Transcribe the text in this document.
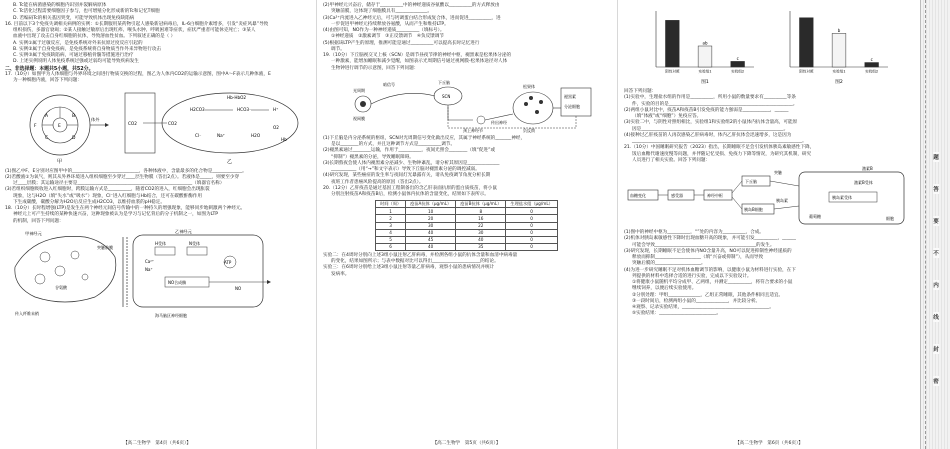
B. Tc能在病菌感染的细胞内识别并裂解病原体

C. Tc活化过程需要细胞因子参与，也可增殖分化形成新的Tc和记忆T细胞

D. 若编码Tc的相关基因突变，可能导致机体出现免疫缺陷病

16. 目前以下3个免疫失调相关病例的实例：①长期服用某药物引起人感染新冠病毒后，IL-6白细胞介素增多，引发“炎症风暴”导致

组织损伤，多器官衰竭；②某人接触过敏原后出现红疹、喉头水肿、呼吸困难等症状，症状严重者可能休克死亡；③某人

血液中出现了攻击自身红细胞的抗体，导致溶血性贫血。下列叙述正确的是（ ）

A. 实例①属于过敏反应，是免疫系统对外来抗原过度反应引起的

B. 实例②属于自身免疫病，是免疫系统将自身物质当作外来异物进行攻击

C. 实例③属于免疫缺陷病，可通过移植骨髓等措施进行治疗

D. 上述实例说明人体免疫系统过强或过弱均可能导致疾病发生

二、非选择题：本题共5小题，共52分。

17.（10分）如图甲为人体细胞与外界环境之间进行物质交换的过程，图乙为人体内CO2的运输示意图，图中A～F表示几种体液，E

为一种细胞内液，回答下列问题：

E
A	B
C	D
F
体外
甲
CO2	CO2
H2CO3	HCO3⁻	H⁺
Hb-HbO2
Cl⁻	Na⁺	H2O
O2
Hb
乙

(1)图乙中F、E分别对应图甲中的_____________________________，各种体液中，含量最多的化合物是_____________。

(2)若酸液①为氧气，则其从外界环境进入组织细胞至少穿过____层生物膜（答出2点）。若液体是_____，则要至少穿

过____层膜；其运输途径主要是__________________________________________________（填器官名称）

(3)若组织细胞吸收进入红细胞时，跨膜运输方式是__________，随着CO2的进入，红细胞会出现胀裂

现象，这与H2O（填“失水”或“吸水”）现象，Cl⁻进入红细胞与Hb结合，还可在碳酸酐酶作用

下生成碳酸，碳酸分解为H2O后反应生成H2CO3，以维持血浆的pH稳定。

18.（10分）长时程增强(LTP)是发生在两个神经元间信号传输中的一种持久的增强现象，能够同步地刺激两个神经元。

神经元上可产生持续的某种快速兴奋，这种现象被认为是学习与记忆背后的分子机制之一，如图为LTP

的机制，回答下列问题：

甲神经元	乙神经元
突触前膜
Ca²⁺
Na⁺
ATP
NO
NO合成酶
H受体	N受体
谷氨酸
传入纤维末梢	海马脑区神经细胞
【高二生物学　第4页（共6页）】

(2)甲神经元兴奋后，储存于__________中的神经递质谷氨酸以__________的方式释放由

突触前膜，这体现了细胞膜具有______________。

(3)Ca²⁺内流进入乙神经元后，可与钙调蛋白结合形成复合体，进而促进__________，进

一步促进甲神经元持续释放谷氨酸，从而产生和维持LTP。

(4)由图可知，NO作为一种神经递质__________（填标号）。

①神经递质　②激素调节　③正反馈调节　④负反馈调节

(5)根据该LTP产生的原理，推测可能是通过__________可以提高长时记忆进行

调节。

19.（10分）下丘脑视交叉上核（SCN）是调节昼夜节律的神经中枢，褪黑素是松果体分泌的

一种激素，能增加睡眠和减少觉醒，如图表示光周期信号通过视网膜-松果体途径对人体

生物钟进行调节的示意图，回答下列问题：

光周期
视网膜
下丘脑
传出神经
松果体
褪黑素
SCN
颈上神经节
暗信号
分泌细胞
负反馈

(1)下丘脑是内分泌系统的枢纽，SCN对光周期信号变化做出反应，其属于神经系统的_______神经，

是以________的方式，并且这种调节方式是__________调节。

(2)褪黑素通过________运输，作用于__________，夜间光照会________（填“促进”或

“抑制”）褪黑素的分泌，导致睡眠障碍。

(3)长期熬夜会使人体内褪黑素分泌减少、生物钟紊乱，请分析其原因是______________

___________（用“→”和文字表示）导致下丘脑对褪黑素分泌的调控减弱。

(4)研究发现，某些癌症的发生率与夜间灯光暴露有关，请从免疫调节角度分析长期

夜班工作者患癌风险提高的原因（答出2点）。

20.（12分）乙肝疫苗是通过基因工程制备出的含乙肝表面抗原的蛋白质疫苗，将小鼠

分别注射疫苗A和疫苗B后，检测小鼠体内抗体的含量变化，结果如下表所示。

时间（周）	疫苗A抗体（μg/mL）	疫苗B抗体（μg/mL）	生理盐水组（μg/mL）
1	10	8	0
2	20	16	0
3	30	22	0
4	40	30	0
5	45	40	0
6	40	35	0

实验二：在4周时分别向上述3组小鼠注射乙肝病毒，并检测各组小鼠的抗体含量和血清中病毒量

的变化，结果如图所示；与表中数据对比可以得出_____________________的结论。

实验三：在6周时分别给上述3组小鼠注射等量乙肝病毒，观察小鼠的患病情况并统计

发病率。

【高二生物学　第5页（共6页）】
阴性对照
ab
实验组1
c
实验组2
图1
阴性对照
b
实验组1
c
实验组2
图2

回答下列问题：

(1)实验中，生理盐水组的作用是__________，所用小鼠的数量要求有__________等条

件，实验的目的是______________________________________________________。

(2)两组小鼠对比中，疫苗A和疫苗B引发免疫的能力强弱是____________，______

（填“体液”或“细胞”）免疫应答。

(3)实验二中，与阴性对照组相比，实验组1和实验组2的小鼠体内抗体含量高，可能原

因是______________________________________________________________。

(4)接种过乙肝疫苗的人再次感染乙肝病毒时，体内乙肝抗体会迅速增多，这是因为

__________________________________________________________________________。

21.（10分）中国睡眠研究报告（2023）指出，长期睡眠不足会引发机体胰岛素敏感性下降，

饭后血糖代谢速度慢等问题，并伴随记忆受损、免疫力下降等情况，为研究其机制，研究

人员进行了相关实验。回答下列问题：

血糖变化	感受器	神经中枢
下丘脑
胰岛B细胞
胰岛素
胰岛素受体
激素B
细胞
突触
葡萄糖
激素B受体

(1)图中的神经中枢为__________，“”处的内容为__________，合成。

(2)机体对胰岛素敏感性下降时出现血糖升高的现象，并可能引发__________，______

可能会导致____________________________________________的发生。

(3)研究发现，长期睡眠不足会使体内NO含量升高，NO可以促进抑制性神经递质的

释放而抑制____________________（填“兴奋或抑制”），从而导致

突触后膜的____________________。

(4)为进一步研究睡眠不足对机体血糖调节的影响，以健康小鼠为材料进行实验，在下

列提供的材料中选择合适的进行实验，完成以下实验设计。

①将健康小鼠随机平均分成甲、乙两组，并测定__________，将符合要求的小鼠

继续饲养，以便后续实验使用。

②分别处理：甲组______________，乙组正常睡眠，其他条件相同且适宜。

③一段时间后，检测两组小鼠的______________，并比较分析。

④观察、记录实验结果，______________________________________。

⑤实验结果：_________________________。

【高二生物学　第6页（共6页）】
题
答
要
不
内
线
封
密
